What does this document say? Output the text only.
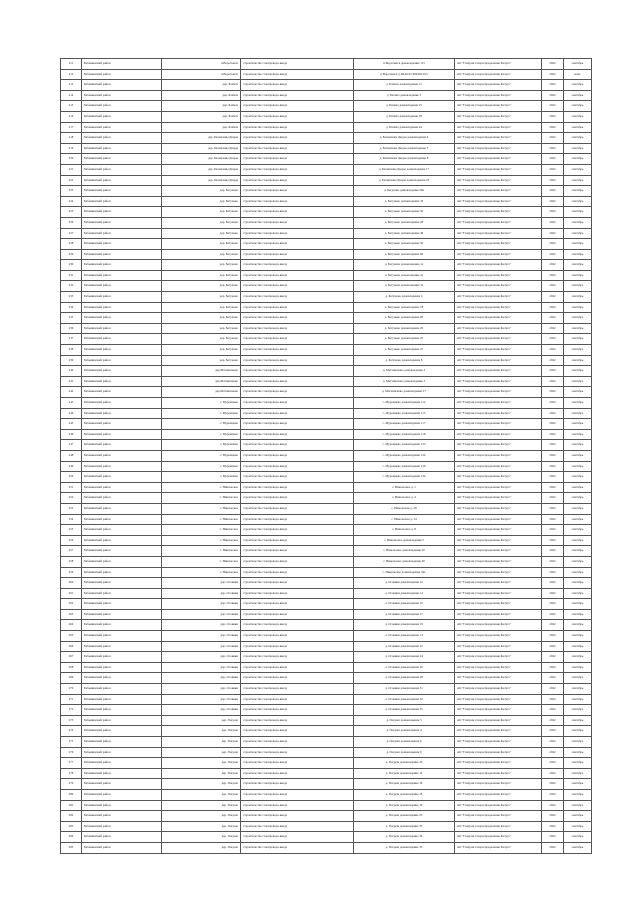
211	Бабынинский район	п.Воротынск	строительство газопровода-ввода	п.Воротынск домовладение 115	АО "Газпром газораспределение Калуга"	2022	сентябрь
212	Бабынинский район	п.Воротынск	строительство газопровода-ввода	п.Воротынск д.Ш-40:01:000402:103	АО "Газпром газораспределение Калуга"	2022	март
213	Бабынинский район	дер. Бахмач	строительство газопровода-ввода	д. Бахмач домовладение 11	АО "Газпром газораспределение Калуга"	2022	сентябрь
214	Бабынинский район	дер. Бахмач	строительство газопровода-ввода	д. Бахмач домовладение 3	АО "Газпром газораспределение Калуга"	2022	сентябрь
215	Бабынинский район	дер. Бахмач	строительство газопровода-ввода	д. Бахмач домовладение 25	АО "Газпром газораспределение Калуга"	2022	сентябрь
216	Бабынинский район	дер. Бахмач	строительство газопровода-ввода	д. Бахмач домовладение 38	АО "Газпром газораспределение Калуга"	2022	сентябрь
217	Бабынинский район	дер. Бахмач	строительство газопровода-ввода	д. Бахмач домовладение 44	АО "Газпром газораспределение Калуга"	2022	сентябрь
218	Бабынинский район	дер. Бахмачевы Дворы	строительство газопровода-ввода	д. Бахмачевы Дворы домовладение 4	АО "Газпром газораспределение Калуга"	2022	сентябрь
219	Бабынинский район	дер. Бахмачевы Дворы	строительство газопровода-ввода	д. Бахмачевы Дворы домовладение 5	АО "Газпром газораспределение Калуга"	2022	сентябрь
220	Бабынинский район	дер. Бахмачевы Дворы	строительство газопровода-ввода	д. Бахмачевы Дворы домовладение 8	АО "Газпром газораспределение Калуга"	2022	сентябрь
221	Бабынинский район	дер. Бахмачевы Дворы	строительство газопровода-ввода	д. Бахмачевы Дворы домовладение 17	АО "Газпром газораспределение Калуга"	2022	сентябрь
222	Бабынинский район	дер. Бахмачевы Дворы	строительство газопровода-ввода	д. Бахмачевы Дворы домовладение 18	АО "Газпром газораспределение Калуга"	2022	сентябрь
223	Бабынинский район	дер. Бегуново	строительство газопровода-ввода	д. Бегуново домовладение 28а	АО "Газпром газораспределение Калуга"	2022	сентябрь
224	Бабынинский район	дер. Бегуново	строительство газопровода-ввода	д. Бегуново домовладение 33	АО "Газпром газораспределение Калуга"	2022	сентябрь
225	Бабынинский район	дер. Бегуново	строительство газопровода-ввода	д. Бегуново домовладение 50	АО "Газпром газораспределение Калуга"	2022	сентябрь
226	Бабынинский район	дер. Бегуново	строительство газопровода-ввода	д. Бегуново домовладение 28	АО "Газпром газораспределение Калуга"	2022	сентябрь
227	Бабынинский район	дер. Бегуново	строительство газопровода-ввода	д. Бегуново домовладение 46	АО "Газпром газораспределение Калуга"	2022	сентябрь
228	Бабынинский район	дер. Бегуново	строительство газопровода-ввода	д. Бегуново домовладение 50	АО "Газпром газораспределение Калуга"	2022	сентябрь
229	Бабынинский район	дер. Бегуново	строительство газопровода-ввода	д. Бегуново домовладение 60	АО "Газпром газораспределение Калуга"	2022	сентябрь
230	Бабынинский район	дер. Бегуново	строительство газопровода-ввода	д. Бегуново домовладение 1а	АО "Газпром газораспределение Калуга"	2022	сентябрь
231	Бабынинский район	дер. Бегуново	строительство газопровода-ввода	д. Бегуново домовладение 2а	АО "Газпром газораспределение Калуга"	2022	сентябрь
232	Бабынинский район	дер. Бегуново	строительство газопровода-ввода	д. Бегуново домовладение 3а	АО "Газпром газораспределение Калуга"	2022	сентябрь
233	Бабынинский район	дер. Бегуново	строительство газопровода-ввода	д. Бегуново домовладение 4	АО "Газпром газораспределение Калуга"	2022	сентябрь
234	Бабынинский район	дер. Бегуново	строительство газопровода-ввода	д. Бегуново домовладение 18	АО "Газпром газораспределение Калуга"	2022	сентябрь
235	Бабынинский район	дер. Бегуново	строительство газопровода-ввода	д. Бегуново домовладение 60	АО "Газпром газораспределение Калуга"	2022	сентябрь
236	Бабынинский район	дер. Бегуново	строительство газопровода-ввода	д. Бегуново домовладение 20	АО "Газпром газораспределение Калуга"	2022	сентябрь
237	Бабынинский район	дер. Бегуново	строительство газопровода-ввода	д. Бегуново домовладение 25	АО "Газпром газораспределение Калуга"	2022	сентябрь
238	Бабынинский район	дер. Бегуново	строительство газопровода-ввода	д. Бегуново домовладение 27	АО "Газпром газораспределение Калуга"	2022	сентябрь
239	Бабынинский район	дер. Бегуново	строительство газопровода-ввода	д. Бегуново домовладение 8	АО "Газпром газораспределение Калуга"	2022	сентябрь
240	Бабынинский район	дер.Матчинсково	строительство газопровода-ввода	д. Матчинсково домовладение 2	АО "Газпром газораспределение Калуга"	2022	сентябрь
241	Бабынинский район	дер.Матчинсково	строительство газопровода-ввода	д. Матчинсково домовладение 3	АО "Газпром газораспределение Калуга"	2022	сентябрь
242	Бабынинский район	дер.Матчинсково	строительство газопровода-ввода	д. Матчинсково домовладение 27	АО "Газпром газораспределение Калуга"	2022	сентябрь
243	Бабынинский район	с. Муромцево	строительство газопровода-ввода	с. Муромцево домовладение 112	АО "Газпром газораспределение Калуга"	2022	сентябрь
244	Бабынинский район	с. Муромцево	строительство газопровода-ввода	с. Муромцево домовладение 115	АО "Газпром газораспределение Калуга"	2022	сентябрь
245	Бабынинский район	с. Муромцево	строительство газопровода-ввода	с. Муромцево домовладение 117	АО "Газпром газораспределение Калуга"	2022	сентябрь
246	Бабынинский район	с. Муромцево	строительство газопровода-ввода	с. Муромцево домовладение 118	АО "Газпром газораспределение Калуга"	2022	сентябрь
247	Бабынинский район	с. Муромцево	строительство газопровода-ввода	с. Муромцево домовладение 123	АО "Газпром газораспределение Калуга"	2022	сентябрь
248	Бабынинский район	с. Муромцево	строительство газопровода-ввода	с. Муромцево домовладение 124	АО "Газпром газораспределение Калуга"	2022	сентябрь
249	Бабынинский район	с. Муромцево	строительство газопровода-ввода	с. Муромцево домовладение 129	АО "Газпром газораспределение Калуга"	2022	сентябрь
250	Бабынинский район	с. Муромцево	строительство газопровода-ввода	с. Муромцево домовладение 134	АО "Газпром газораспределение Калуга"	2022	сентябрь
251	Бабынинский район	с. Никольское	строительство газопровода-ввода	с. Никольское д. 1	АО "Газпром газораспределение Калуга"	2022	сентябрь
252	Бабынинский район	с. Никольское	строительство газопровода-ввода	с. Никольское д. 4	АО "Газпром газораспределение Калуга"	2022	сентябрь
253	Бабынинский район	с. Никольское	строительство газопровода-ввода	с. Никольское д. 28	АО "Газпром газораспределение Калуга"	2022	сентябрь
254	Бабынинский район	с. Никольское	строительство газопровода-ввода	с. Никольское д. 34	АО "Газпром газораспределение Калуга"	2022	сентябрь
255	Бабынинский район	с. Никольское	строительство газопровода-ввода	с. Никольское д. 8	АО "Газпром газораспределение Калуга"	2022	сентябрь
256	Бабынинский район	с. Никольское	строительство газопровода-ввода	с. Никольское домовладение 5	АО "Газпром газораспределение Калуга"	2022	сентябрь
257	Бабынинский район	с. Никольское	строительство газопровода-ввода	с. Никольское домовладение 29	АО "Газпром газораспределение Калуга"	2022	сентябрь
258	Бабынинский район	с. Никольское	строительство газопровода-ввода	с. Никольское домовладение 40	АО "Газпром газораспределение Калуга"	2022	сентябрь
259	Бабынинский район	с. Никольское	строительство газопровода-ввода	с. Никольское домовладение 34а	АО "Газпром газораспределение Калуга"	2022	сентябрь
260	Бабынинский район	дер. Осовики	строительство газопровода-ввода	д. Осовики домовладение 12	АО "Газпром газораспределение Калуга"	2022	сентябрь
261	Бабынинский район	дер. Осовики	строительство газопровода-ввода	д. Осовики домовладение 14	АО "Газпром газораспределение Калуга"	2022	сентябрь
262	Бабынинский район	дер. Осовики	строительство газопровода-ввода	д. Осовики домовладение 16	АО "Газпром газораспределение Калуга"	2022	сентябрь
263	Бабынинский район	дер. Осовики	строительство газопровода-ввода	д. Осовики домовладение 17	АО "Газпром газораспределение Калуга"	2022	сентябрь
264	Бабынинский район	дер. Осовики	строительство газопровода-ввода	д. Осовики домовладение 19	АО "Газпром газораспределение Калуга"	2022	сентябрь
265	Бабынинский район	дер. Осовики	строительство газопровода-ввода	д. Осовики домовладение 13	АО "Газпром газораспределение Калуга"	2022	сентябрь
266	Бабынинский район	дер. Осовики	строительство газопровода-ввода	д. Осовики домовладение 22	АО "Газпром газораспределение Калуга"	2022	сентябрь
267	Бабынинский район	дер. Осовики	строительство газопровода-ввода	д. Осовики домовладение 24	АО "Газпром газораспределение Калуга"	2022	сентябрь
268	Бабынинский район	дер. Осовики	строительство газопровода-ввода	д. Осовики домовладение 26	АО "Газпром газораспределение Калуга"	2022	сентябрь
269	Бабынинский район	дер. Осовики	строительство газопровода-ввода	д. Осовики домовладение 28	АО "Газпром газораспределение Калуга"	2022	сентябрь
270	Бабынинский район	дер. Осовики	строительство газопровода-ввода	д. Осовики домовладение 31	АО "Газпром газораспределение Калуга"	2022	сентябрь
271	Бабынинский район	дер. Осовики	строительство газопровода-ввода	д. Осовики домовладение 32	АО "Газпром газораспределение Калуга"	2022	сентябрь
272	Бабынинский район	дер. Осовики	строительство газопровода-ввода	д. Осовики домовладение 35	АО "Газпром газораспределение Калуга"	2022	сентябрь
273	Бабынинский район	дер. Погреш	строительство газопровода-ввода	д. Погреш домовладение 3	АО "Газпром газораспределение Калуга"	2022	сентябрь
274	Бабынинский район	дер. Погреш	строительство газопровода-ввода	д. Погреш домовладение 4	АО "Газпром газораспределение Калуга"	2022	сентябрь
275	Бабынинский район	дер. Погреш	строительство газопровода-ввода	д. Погреш домовладение 6	АО "Газпром газораспределение Калуга"	2022	сентябрь
276	Бабынинский район	дер. Погреш	строительство газопровода-ввода	д. Погреш домовладение 9	АО "Газпром газораспределение Калуга"	2022	сентябрь
277	Бабынинский район	дер. Погреш	строительство газопровода-ввода	д. Погреш домовладение 10	АО "Газпром газораспределение Калуга"	2022	сентябрь
278	Бабынинский район	дер. Погреш	строительство газопровода-ввода	д. Погреш домовладение 14	АО "Газпром газораспределение Калуга"	2022	сентябрь
279	Бабынинский район	дер. Погреш	строительство газопровода-ввода	д. Погреш домовладение 16	АО "Газпром газораспределение Калуга"	2022	сентябрь
280	Бабынинский район	дер. Погреш	строительство газопровода-ввода	д. Погреш домовладение 18	АО "Газпром газораспределение Калуга"	2022	сентябрь
281	Бабынинский район	дер. Погреш	строительство газопровода-ввода	д. Погреш домовладение 19	АО "Газпром газораспределение Калуга"	2022	сентябрь
282	Бабынинский район	дер. Погреш	строительство газопровода-ввода	д. Погреш домовладение 25	АО "Газпром газораспределение Калуга"	2022	сентябрь
283	Бабынинский район	дер. Погреш	строительство газопровода-ввода	д. Погреш домовладение 33	АО "Газпром газораспределение Калуга"	2022	сентябрь
284	Бабынинский район	дер. Погреш	строительство газопровода-ввода	д. Погреш домовладение 34	АО "Газпром газораспределение Калуга"	2022	сентябрь
285	Бабынинский район	дер. Погреш	строительство газопровода-ввода	д. Погреш домовладение 35	АО "Газпром газораспределение Калуга"	2022	сентябрь
